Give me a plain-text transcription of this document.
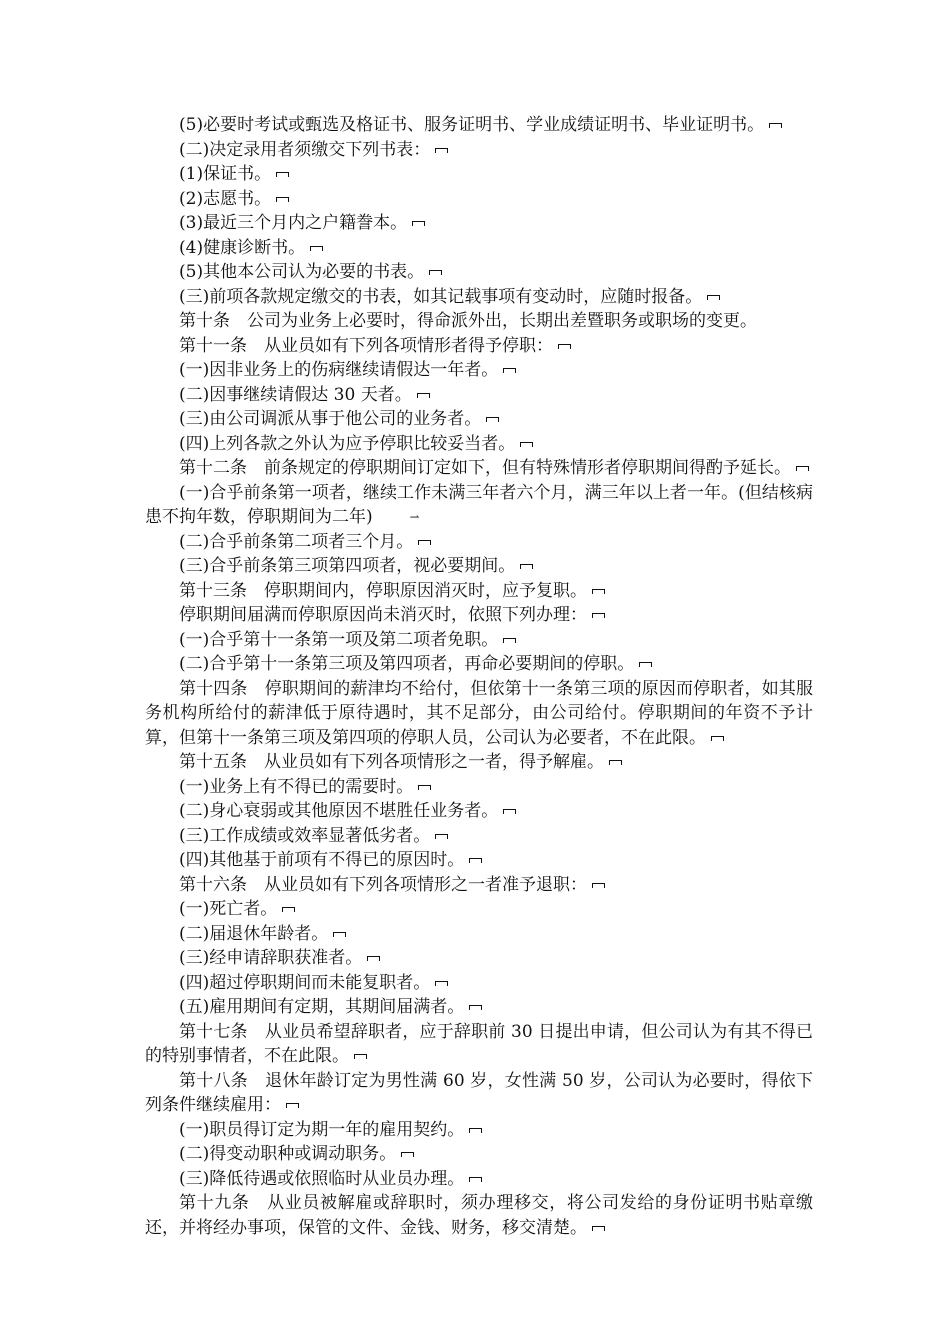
(5)必要时考试或甄选及格证书、服务证明书、学业成绩证明书、毕业证明书。

(二)决定录用者须缴交下列书表：

(1)保证书。

(2)志愿书。

(3)最近三个月内之户籍誊本。

(4)健康诊断书。

(5)其他本公司认为必要的书表。

(三)前项各款规定缴交的书表，如其记载事项有变动时，应随时报备。

第十条　公司为业务上必要时，得命派外出，长期出差暨职务或职场的变更。

第十一条　从业员如有下列各项情形者得予停职：

(一)因非业务上的伤病继续请假达一年者。

(二)因事继续请假达 30 天者。

(三)由公司调派从事于他公司的业务者。

(四)上列各款之外认为应予停职比较妥当者。

第十二条　前条规定的停职期间订定如下，但有特殊情形者停职期间得酌予延长。

(一)合乎前条第一项者，继续工作未满三年者六个月，满三年以上者一年。(但结核病患不拘年数，停职期间为二年)	⇀

(二)合乎前条第二项者三个月。

(三)合乎前条第三项第四项者，视必要期间。

第十三条　停职期间内，停职原因消灭时，应予复职。

停职期间届满而停职原因尚未消灭时，依照下列办理：

(一)合乎第十一条第一项及第二项者免职。

(二)合乎第十一条第三项及第四项者，再命必要期间的停职。

第十四条　停职期间的薪津均不给付，但依第十一条第三项的原因而停职者，如其服务机构所给付的薪津低于原待遇时，其不足部分，由公司给付。停职期间的年资不予计算，但第十一条第三项及第四项的停职人员，公司认为必要者，不在此限。

第十五条　从业员如有下列各项情形之一者，得予解雇。

(一)业务上有不得已的需要时。

(二)身心衰弱或其他原因不堪胜任业务者。

(三)工作成绩或效率显著低劣者。

(四)其他基于前项有不得已的原因时。

第十六条　从业员如有下列各项情形之一者准予退职：

(一)死亡者。

(二)届退休年龄者。

(三)经申请辞职获准者。

(四)超过停职期间而未能复职者。

(五)雇用期间有定期，其期间届满者。

第十七条　从业员希望辞职者，应于辞职前 30 日提出申请，但公司认为有其不得已的特别事情者，不在此限。

第十八条　退休年龄订定为男性满 60 岁，女性满 50 岁，公司认为必要时，得依下列条件继续雇用：

(一)职员得订定为期一年的雇用契约。

(二)得变动职种或调动职务。

(三)降低待遇或依照临时从业员办理。

第十九条　从业员被解雇或辞职时，须办理移交，将公司发给的身份证明书贴章缴还，并将经办事项，保管的文件、金钱、财务，移交清楚。
